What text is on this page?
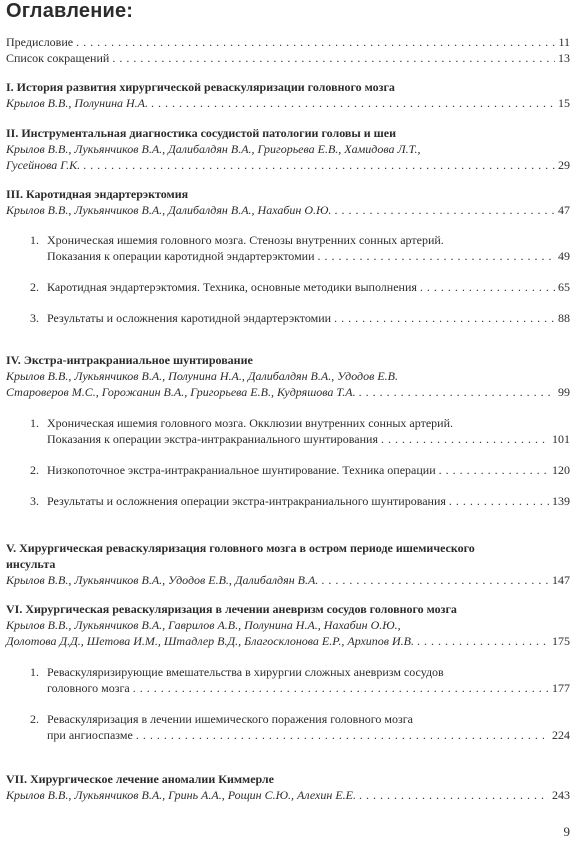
Оглавление:
Предисловие . . .	11
Список сокращений . . .	13
I. История развития хирургической реваскуляризации головного мозга
Крылов В.В., Полунина Н.А. . . .	15
II. Инструментальная диагностика сосудистой патологии головы и шеи
Крылов В.В., Лукьянчиков В.А., Далибалдян В.А., Григорьева Е.В., Хамидова Л.Т.,
Гусейнова Г.К. . . .	29
III. Каротидная эндартерэктомия
Крылов В.В., Лукьянчиков В.А., Далибалдян В.А., Нахабин О.Ю. . . .	47
1. Хроническая ишемия головного мозга. Стенозы внутренних сонных артерий.
Показания к операции каротидной эндартерэктомии . . .	49
2. Каротидная эндартерэктомия. Техника, основные методики выполнения . . .	65
3. Результаты и осложнения каротидной эндартерэктомии . . .	88
IV. Экстра-интракраниальное шунтирование
Крылов В.В., Лукьянчиков В.А., Полунина Н.А., Далибалдян В.А., Удодов Е.В.
Староверов М.С., Горожанин В.А., Григорьева Е.В., Кудряшова Т.А. . . .	99
1. Хроническая ишемия головного мозга. Окклюзии внутренних сонных артерий.
Показания к операции экстра-интракраниального шунтирования . . .	101
2. Низкопоточное экстра-интракраниальное шунтирование. Техника операции . . .	120
3. Результаты и осложнения операции экстра-интракраниального шунтирования . . .	139
V. Хирургическая реваскуляризация головного мозга в остром периоде ишемического
инсульта
Крылов В.В., Лукьянчиков В.А., Удодов Е.В., Далибалдян В.А. . . .	147
VI. Хирургическая реваскуляризация в лечении аневризм сосудов головного мозга
Крылов В.В., Лукьянчиков В.А., Гаврилов А.В., Полунина Н.А., Нахабин О.Ю.,
Долотова Д.Д., Шетова И.М., Штадлер В.Д., Благосклонова Е.Р., Архипов И.В. . . .	175
1. Реваскуляризирующие вмешательства в хирургии сложных аневризм сосудов
головного мозга . . .	177
2. Реваскуляризация в лечении ишемического поражения головного мозга
при ангиоспазме . . .	224
VII. Хирургическое лечение аномалии Киммерле
Крылов В.В., Лукьянчиков В.А., Гринь А.А., Рощин С.Ю., Алехин Е.Е. . . .	243
9
